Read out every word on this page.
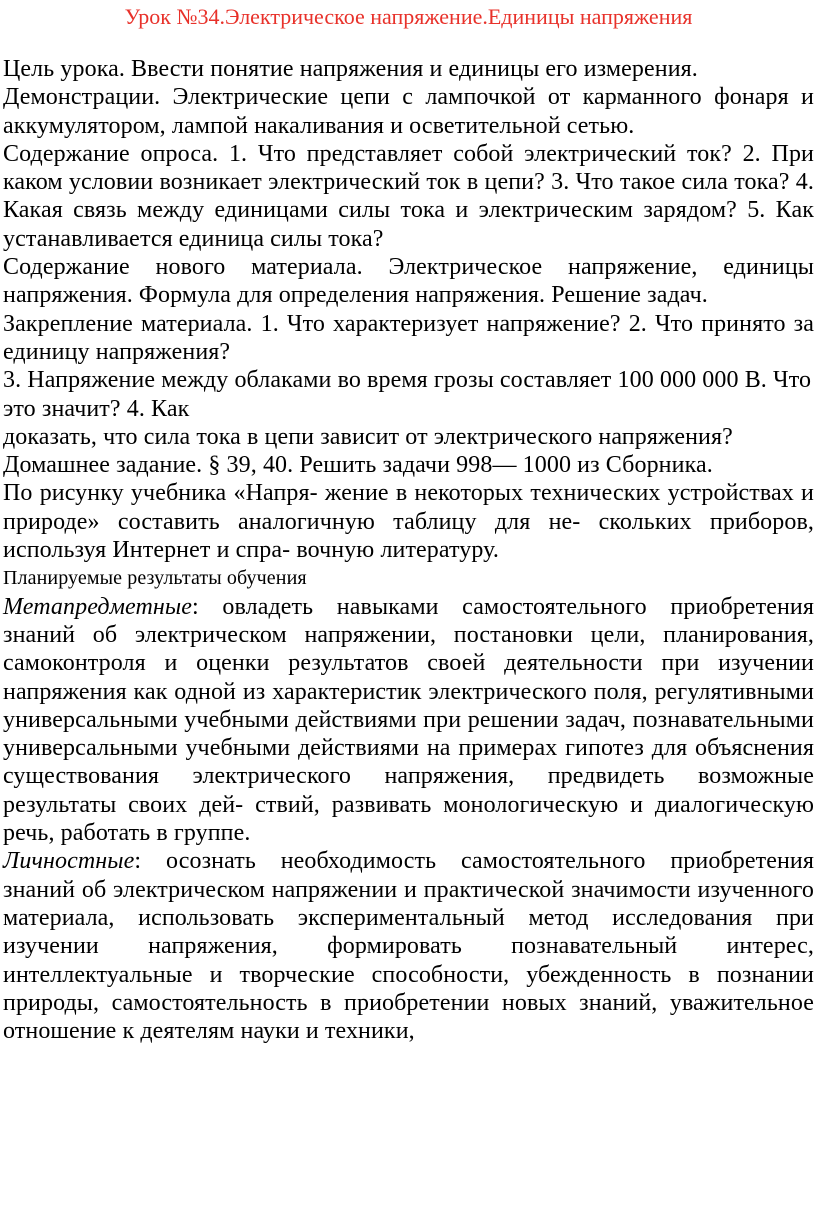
Урок №34.Электрическое напряжение.Единицы напряжения

Цель урока. Ввести понятие напряжения и единицы его измерения.

Демонстрации. Электрические цепи с лампочкой от карманного фонаря и аккумулятором, лампой накаливания и осветительной сетью.

Содержание опроса. 1. Что представляет собой электрический ток? 2. При каком условии возникает электрический ток в цепи? 3. Что такое сила тока? 4. Какая связь между единицами силы тока и электрическим зарядом? 5. Как устанавливается единица силы тока?

Содержание нового материала. Электрическое напряжение, единицы напряжения. Формула для определения напряжения. Решение задач.

Закрепление материала. 1. Что характеризует напряжение? 2. Что принято за единицу напряжения?

3. Напряжение между облаками во время грозы составляет 100 000 000 В. Что это значит? 4. Как

доказать, что сила тока в цепи зависит от электрического напряжения?

Домашнее задание. § 39, 40. Решить задачи 998— 1000 из Сборника.

По рисунку учебника «Напря- жение в некоторых технических устройствах и природе» составить аналогичную таблицу для не- скольких приборов, используя Интернет и спра- вочную литературу.

Планируемые результаты обучения

Метапредметные: овладеть навыками самостоятельного приобретения знаний об электрическом напряжении, постановки цели, планирования, самоконтроля и оценки результатов своей деятельности при изучении напряжения как одной из характеристик электрического поля, регулятивными универсальными учебными действиями при решении задач, познавательными универсальными учебными действиями на примерах гипотез для объяснения существования электрического напряжения, предвидеть возможные результаты своих дей- ствий, развивать монологическую и диалогическую речь, работать в группе.

Личностные: осознать необходимость самостоятельного приобретения знаний об электрическом напряжении и практической значимости изученного материала, использовать экспериментальный метод исследования при изучении напряжения, формировать познавательный интерес, интеллектуальные и творческие способности, убежденность в познании природы, самостоятельность в приобретении новых знаний, уважительное отношение к деятелям науки и техники,
